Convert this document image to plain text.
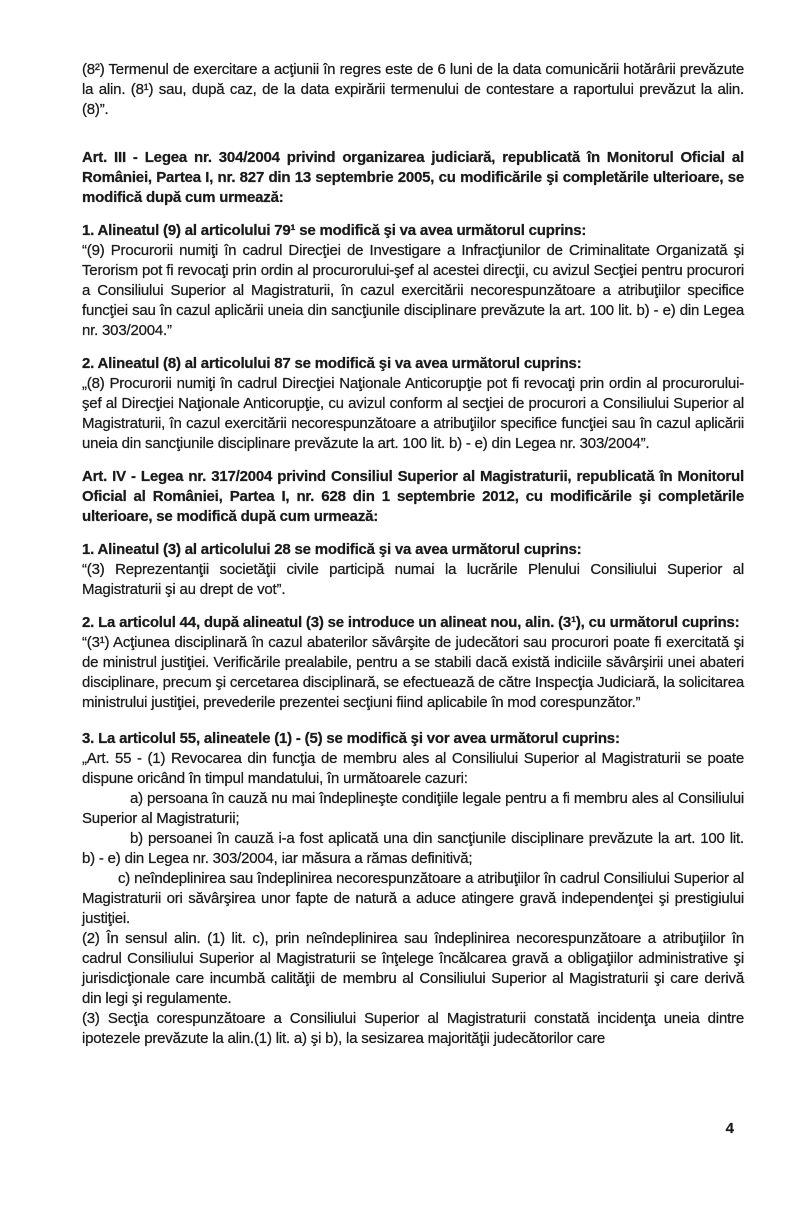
(8²) Termenul de exercitare a acţiunii în regres este de 6 luni de la data comunicării hotărârii prevăzute la alin. (8¹) sau, după caz, de la data expirării termenului de contestare a raportului prevăzut la alin. (8)”.

Art. III - Legea nr. 304/2004 privind organizarea judiciară, republicată în Monitorul Oficial al României, Partea I, nr. 827 din 13 septembrie 2005, cu modificările şi completările ulterioare, se modifică după cum urmează:

1. Alineatul (9) al articolului 79¹ se modifică şi va avea următorul cuprins:

“(9) Procurorii numiţi în cadrul Direcţiei de Investigare a Infracţiunilor de Criminalitate Organizată şi Terorism pot fi revocaţi prin ordin al procurorului-şef al acestei direcţii, cu avizul Secţiei pentru procurori a Consiliului Superior al Magistraturii, în cazul exercitării necorespunzătoare a atribuţiilor specifice funcţiei sau în cazul aplicării uneia din sancţiunile disciplinare prevăzute la art. 100 lit. b) - e) din Legea nr. 303/2004.”

2. Alineatul (8) al articolului 87 se modifică şi va avea următorul cuprins:

„(8) Procurorii numiţi în cadrul Direcţiei Naţionale Anticorupţie pot fi revocaţi prin ordin al procurorului-şef al Direcţiei Naţionale Anticorupţie, cu avizul conform al secţiei de procurori a Consiliului Superior al Magistraturii, în cazul exercitării necorespunzătoare a atribuţiilor specifice funcţiei sau în cazul aplicării uneia din sancţiunile disciplinare prevăzute la art. 100 lit. b) - e) din Legea nr. 303/2004”.

Art. IV - Legea nr. 317/2004 privind Consiliul Superior al Magistraturii, republicată în Monitorul Oficial al României, Partea I, nr. 628 din 1 septembrie 2012, cu modificările şi completările ulterioare, se modifică după cum urmează:

1. Alineatul (3) al articolului 28 se modifică şi va avea următorul cuprins:

“(3) Reprezentanţii societăţii civile participă numai la lucrările Plenului Consiliului Superior al Magistraturii şi au drept de vot”.

2. La articolul 44, după alineatul (3) se introduce un alineat nou, alin. (3¹), cu următorul cuprins:

“(3¹) Acţiunea disciplinară în cazul abaterilor săvârşite de judecători sau procurori poate fi exercitată şi de ministrul justiţiei. Verificările prealabile, pentru a se stabili dacă există indiciile săvârşirii unei abateri disciplinare, precum şi cercetarea disciplinară, se efectuează de către Inspecţia Judiciară, la solicitarea ministrului justiţiei, prevederile prezentei secţiuni fiind aplicabile în mod corespunzător.”

3. La articolul 55, alineatele (1) - (5) se modifică şi vor avea următorul cuprins:

„Art. 55 - (1) Revocarea din funcţia de membru ales al Consiliului Superior al Magistraturii se poate dispune oricând în timpul mandatului, în următoarele cazuri:

a) persoana în cauză nu mai îndeplineşte condiţiile legale pentru a fi membru ales al Consiliului Superior al Magistraturii;

b) persoanei în cauză i-a fost aplicată una din sancţiunile disciplinare prevăzute la art. 100 lit. b) - e) din Legea nr. 303/2004, iar măsura a rămas definitivă;

c) neîndeplinirea sau îndeplinirea necorespunzătoare a atribuţiilor în cadrul Consiliului Superior al Magistraturii ori săvârşirea unor fapte de natură a aduce atingere gravă independenţei şi prestigiului justiţiei.

(2) În sensul alin. (1) lit. c), prin neîndeplinirea sau îndeplinirea necorespunzătoare a atribuţiilor în cadrul Consiliului Superior al Magistraturii se înţelege încălcarea gravă a obligaţiilor administrative şi jurisdicţionale care incumbă calităţii de membru al Consiliului Superior al Magistraturii şi care derivă din legi şi regulamente.

(3) Secţia corespunzătoare a Consiliului Superior al Magistraturii constată incidenţa uneia dintre ipotezele prevăzute la alin.(1) lit. a) şi b), la sesizarea majorităţii judecătorilor care

4
